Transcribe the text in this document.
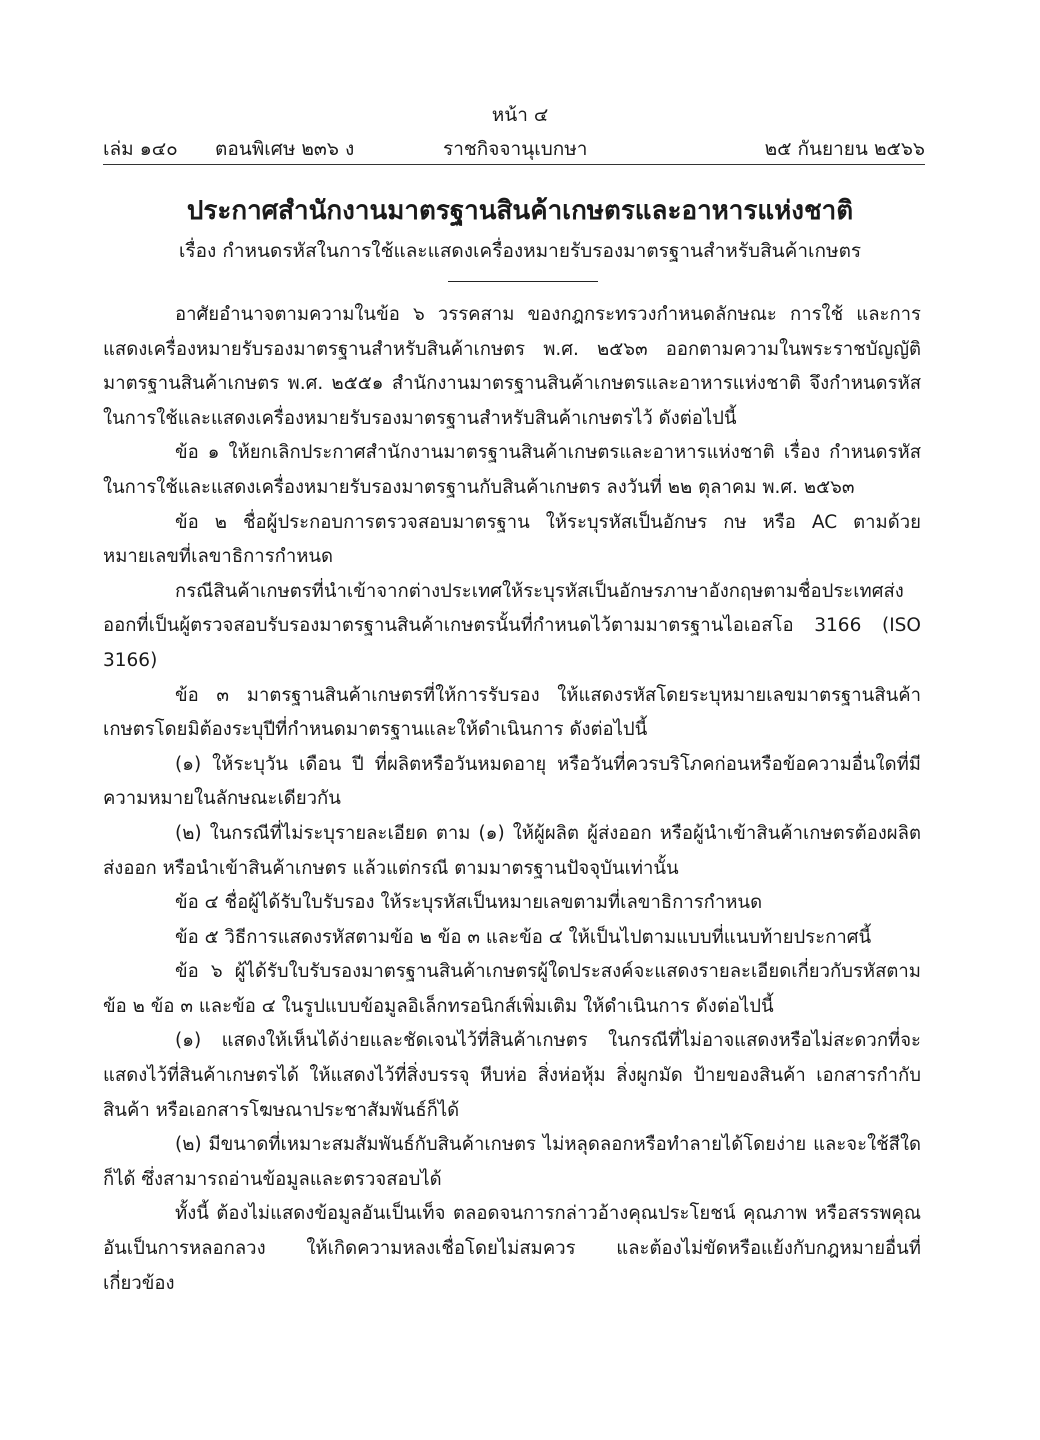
หน้า ๔
เล่ม ๑๔๐ ตอนพิเศษ ๒๓๖ ง	ราชกิจจานุเบกษา	๒๕ กันยายน ๒๕๖๖
ประกาศสำนักงานมาตรฐานสินค้าเกษตรและอาหารแห่งชาติ
เรื่อง กำหนดรหัสในการใช้และแสดงเครื่องหมายรับรองมาตรฐานสำหรับสินค้าเกษตร

อาศัยอำนาจตามความในข้อ ๖ วรรคสาม ของกฎกระทรวงกำหนดลักษณะ การใช้ และการแสดงเครื่องหมายรับรองมาตรฐานสำหรับสินค้าเกษตร พ.ศ. ๒๕๖๓ ออกตามความในพระราชบัญญัติมาตรฐานสินค้าเกษตร พ.ศ. ๒๕๕๑ สำนักงานมาตรฐานสินค้าเกษตรและอาหารแห่งชาติ จึงกำหนดรหัสในการใช้และแสดงเครื่องหมายรับรองมาตรฐานสำหรับสินค้าเกษตรไว้ ดังต่อไปนี้

ข้อ ๑ ให้ยกเลิกประกาศสำนักงานมาตรฐานสินค้าเกษตรและอาหารแห่งชาติ เรื่อง กำหนดรหัสในการใช้และแสดงเครื่องหมายรับรองมาตรฐานกับสินค้าเกษตร ลงวันที่ ๒๒ ตุลาคม พ.ศ. ๒๕๖๓

ข้อ ๒ ชื่อผู้ประกอบการตรวจสอบมาตรฐาน ให้ระบุรหัสเป็นอักษร กษ หรือ AC ตามด้วยหมายเลขที่เลขาธิการกำหนด

กรณีสินค้าเกษตรที่นำเข้าจากต่างประเทศให้ระบุรหัสเป็นอักษรภาษาอังกฤษตามชื่อประเทศส่งออกที่เป็นผู้ตรวจสอบรับรองมาตรฐานสินค้าเกษตรนั้นที่กำหนดไว้ตามมาตรฐานไอเอสโอ 3166 (ISO 3166)

ข้อ ๓ มาตรฐานสินค้าเกษตรที่ให้การรับรอง ให้แสดงรหัสโดยระบุหมายเลขมาตรฐานสินค้าเกษตรโดยมิต้องระบุปีที่กำหนดมาตรฐานและให้ดำเนินการ ดังต่อไปนี้

(๑) ให้ระบุวัน เดือน ปี ที่ผลิตหรือวันหมดอายุ หรือวันที่ควรบริโภคก่อนหรือข้อความอื่นใดที่มีความหมายในลักษณะเดียวกัน

(๒) ในกรณีที่ไม่ระบุรายละเอียด ตาม (๑) ให้ผู้ผลิต ผู้ส่งออก หรือผู้นำเข้าสินค้าเกษตรต้องผลิต ส่งออก หรือนำเข้าสินค้าเกษตร แล้วแต่กรณี ตามมาตรฐานปัจจุบันเท่านั้น

ข้อ ๔ ชื่อผู้ได้รับใบรับรอง ให้ระบุรหัสเป็นหมายเลขตามที่เลขาธิการกำหนด

ข้อ ๕ วิธีการแสดงรหัสตามข้อ ๒ ข้อ ๓ และข้อ ๔ ให้เป็นไปตามแบบที่แนบท้ายประกาศนี้

ข้อ ๖ ผู้ได้รับใบรับรองมาตรฐานสินค้าเกษตรผู้ใดประสงค์จะแสดงรายละเอียดเกี่ยวกับรหัสตามข้อ ๒ ข้อ ๓ และข้อ ๔ ในรูปแบบข้อมูลอิเล็กทรอนิกส์เพิ่มเติม ให้ดำเนินการ ดังต่อไปนี้

(๑) แสดงให้เห็นได้ง่ายและชัดเจนไว้ที่สินค้าเกษตร ในกรณีที่ไม่อาจแสดงหรือไม่สะดวกที่จะแสดงไว้ที่สินค้าเกษตรได้ ให้แสดงไว้ที่สิ่งบรรจุ หีบห่อ สิ่งห่อหุ้ม สิ่งผูกมัด ป้ายของสินค้า เอกสารกำกับสินค้า หรือเอกสารโฆษณาประชาสัมพันธ์ก็ได้

(๒) มีขนาดที่เหมาะสมสัมพันธ์กับสินค้าเกษตร ไม่หลุดลอกหรือทำลายได้โดยง่าย และจะใช้สีใดก็ได้ ซึ่งสามารถอ่านข้อมูลและตรวจสอบได้

ทั้งนี้ ต้องไม่แสดงข้อมูลอันเป็นเท็จ ตลอดจนการกล่าวอ้างคุณประโยชน์ คุณภาพ หรือสรรพคุณอันเป็นการหลอกลวง ให้เกิดความหลงเชื่อโดยไม่สมควร และต้องไม่ขัดหรือแย้งกับกฎหมายอื่นที่เกี่ยวข้อง
